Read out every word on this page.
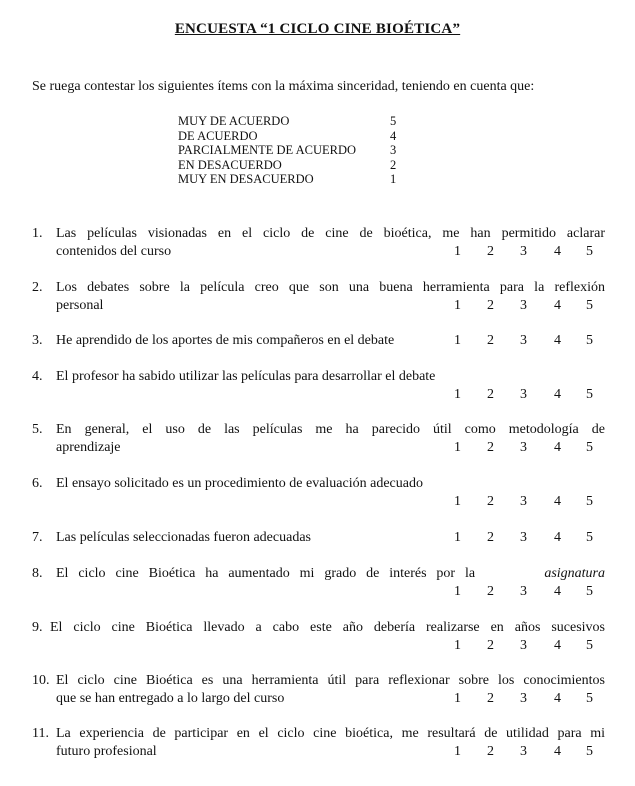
ENCUESTA “1 CICLO CINE BIOÉTICA”
Se ruega contestar los siguientes ítems con la máxima sinceridad, teniendo en cuenta que:
MUY DE ACUERDO	5
DE ACUERDO	4
PARCIALMENTE DE ACUERDO	3
EN DESACUERDO	2
MUY EN DESACUERDO	1
1. Las películas visionadas en el ciclo de cine de bioética, me han permitido aclarar
contenidos del curso	1 2 3 4 5
2. Los debates sobre la película creo que son una buena herramienta para la reflexión
personal	1 2 3 4 5
3. He aprendido de los aportes de mis compañeros en el debate	1 2 3 4 5
4. El profesor ha sabido utilizar las películas para desarrollar el debate
1 2 3 4 5
5. En general, el uso de las películas me ha parecido útil como metodología de
aprendizaje	1 2 3 4 5
6. El ensayo solicitado es un procedimiento de evaluación adecuado
1 2 3 4 5
7. Las películas seleccionadas fueron adecuadas	1 2 3 4 5
8. El ciclo cine Bioética ha aumentado mi grado de interés por la	asignatura
1 2 3 4 5
9. El ciclo cine Bioética llevado a cabo este año debería realizarse en años sucesivos
1 2 3 4 5
10. El ciclo cine Bioética es una herramienta útil para reflexionar sobre los conocimientos
que se han entregado a lo largo del curso	1 2 3 4 5
11. La experiencia de participar en el ciclo cine bioética, me resultará de utilidad para mi
futuro profesional	1 2 3 4 5
